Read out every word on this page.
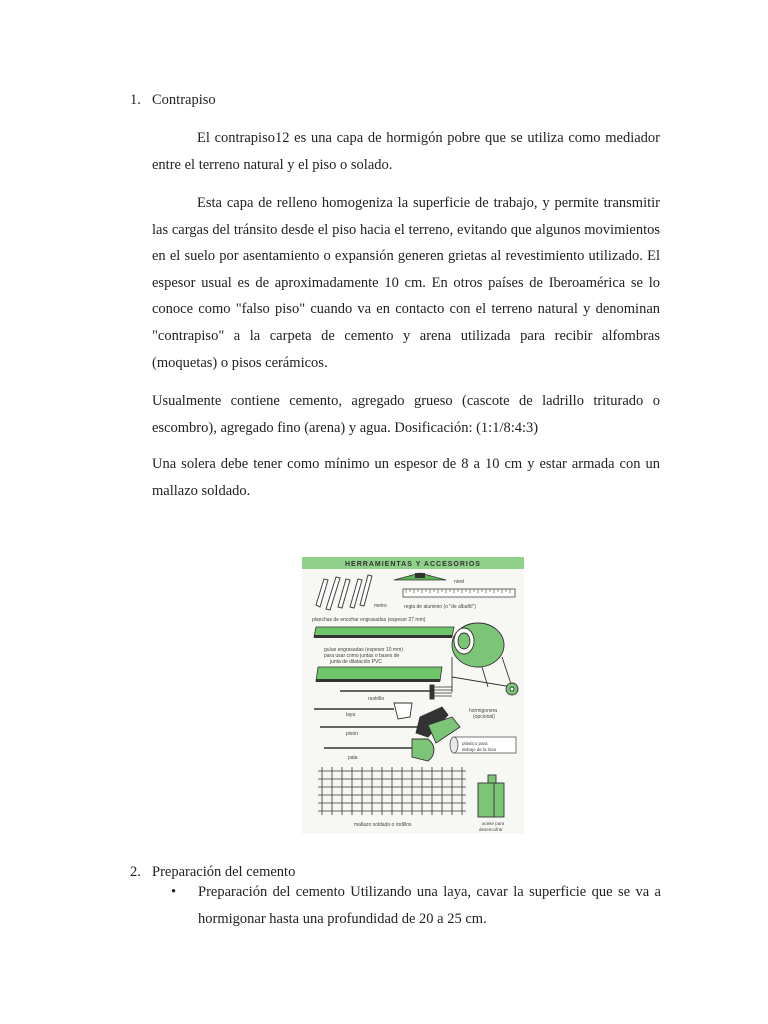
1. Contrapiso

El contrapiso12 es una capa de hormigón pobre que se utiliza como mediador entre el terreno natural y el piso o solado.

Esta capa de relleno homogeniza la superficie de trabajo, y permite transmitir las cargas del tránsito desde el piso hacia el terreno, evitando que algunos movimientos en el suelo por asentamiento o expansión generen grietas al revestimiento utilizado. El espesor usual es de aproximadamente 10 cm. En otros países de Iberoamérica se lo conoce como "falso piso" cuando va en contacto con el terreno natural y denominan "contrapiso" a la carpeta de cemento y arena utilizada para recibir alfombras (moquetas) o pisos cerámicos.

Usualmente contiene cemento, agregado grueso (cascote de ladrillo triturado o escombro), agregado fino (arena) y agua. Dosificación: (1:1/8:4:3)

Una solera debe tener como mínimo un espesor de 8 a 10 cm y estar armada con un mallazo soldado.

HERRAMIENTAS Y ACCESORIOS
metro
nivel
regla de aluminio (o "de albañil")
planchas de encofrar engrasadas (espesor 27 mm)
guías engrasadas (espesor 10 mm)
para usar como juntas o bases de
junta de dilatación PVC
hormigonera
(opcional)
rastrillo
laya
pisón
plástico para
debajo de la losa
pala
mallazo soldado o rodillos	aceite para
desencofrar
2. Preparación del cemento

•	Preparación del cemento Utilizando una laya, cavar la superficie que se va a hormigonar hasta una profundidad de 20 a 25 cm.
